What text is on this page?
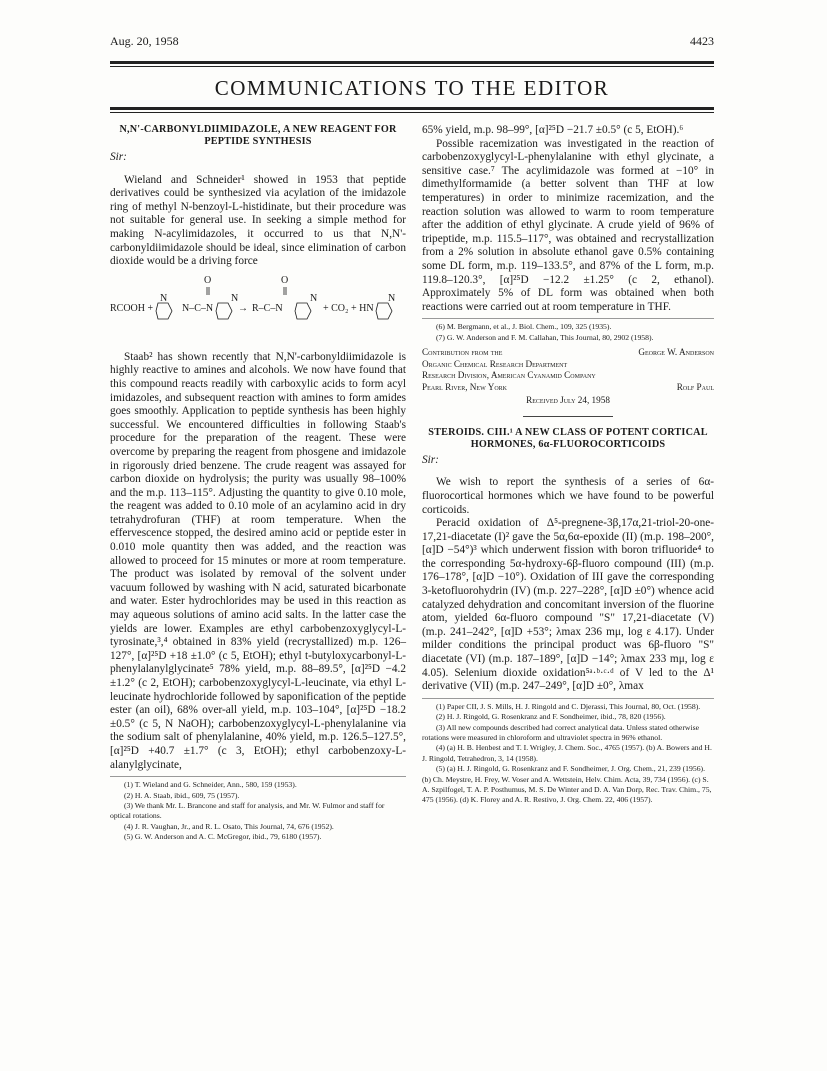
Aug. 20, 1958	4423
COMMUNICATIONS TO THE EDITOR
N,N'-CARBONYLDIIMIDAZOLE, A NEW REAGENT FOR PEPTIDE SYNTHESIS
Sir:

Wieland and Schneider¹ showed in 1953 that peptide derivatives could be synthesized via acylation of the imidazole ring of methyl N-benzoyl-L-histidinate, but their procedure was not suitable for general use. In seeking a simple method for making N-acylimidazoles, it occurred to us that N,N'-carbonyldiimidazole should be ideal, since elimination of carbon dioxide would be a driving force

O	O
N	N	N	N
RCOOH +	N–C–N → R–C–N	+ CO₂ + HN

Staab² has shown recently that N,N'-carbonyldiimidazole is highly reactive to amines and alcohols. We now have found that this compound reacts readily with carboxylic acids to form acyl imidazoles, and subsequent reaction with amines to form amides goes smoothly. Application to peptide synthesis has been highly successful. We encountered difficulties in following Staab's procedure for the preparation of the reagent. These were overcome by preparing the reagent from phosgene and imidazole in rigorously dried benzene. The crude reagent was assayed for carbon dioxide on hydrolysis; the purity was usually 98–100% and the m.p. 113–115°. Adjusting the quantity to give 0.10 mole, the reagent was added to 0.10 mole of an acylamino acid in dry tetrahydrofuran (THF) at room temperature. When the effervescence stopped, the desired amino acid or peptide ester in 0.010 mole quantity then was added, and the reaction was allowed to proceed for 15 minutes or more at room temperature. The product was isolated by removal of the solvent under vacuum followed by washing with N acid, saturated bicarbonate and water. Ester hydrochlorides may be used in this reaction as may aqueous solutions of amino acid salts. In the latter case the yields are lower. Examples are ethyl carbobenzoxyglycyl-L-tyrosinate,³,⁴ obtained in 83% yield (recrystallized) m.p. 126–127°, [α]²⁵D +18 ±1.0° (c 5, EtOH); ethyl t-butyloxycarbonyl-L-phenylalanylglycinate⁵ 78% yield, m.p. 88–89.5°, [α]²⁵D −4.2 ±1.2° (c 2, EtOH); carbobenzoxyglycyl-L-leucinate, via ethyl L-leucinate hydrochloride followed by saponification of the peptide ester (an oil), 68% over-all yield, m.p. 103–104°, [α]²⁵D −18.2 ±0.5° (c 5, N NaOH); carbobenzoxyglycyl-L-phenylalanine via the sodium salt of phenylalanine, 40% yield, m.p. 126.5–127.5°, [α]²⁵D +40.7 ±1.7° (c 3, EtOH); ethyl carbobenzoxy-L-alanylglycinate,

(1) T. Wieland and G. Schneider, Ann., 580, 159 (1953).

(2) H. A. Staab, ibid., 609, 75 (1957).

(3) We thank Mr. L. Brancone and staff for analysis, and Mr. W. Fulmor and staff for optical rotations.

(4) J. R. Vaughan, Jr., and R. L. Osato, This Journal, 74, 676 (1952).

(5) G. W. Anderson and A. C. McGregor, ibid., 79, 6180 (1957).

65% yield, m.p. 98–99°, [α]²⁵D −21.7 ±0.5° (c 5, EtOH).⁶

Possible racemization was investigated in the reaction of carbobenzoxyglycyl-L-phenylalanine with ethyl glycinate, a sensitive case.⁷ The acylimidazole was formed at −10° in dimethylformamide (a better solvent than THF at low temperatures) in order to minimize racemization, and the reaction solution was allowed to warm to room temperature after the addition of ethyl glycinate. A crude yield of 96% of tripeptide, m.p. 115.5–117°, was obtained and recrystallization from a 2% solution in absolute ethanol gave 0.5% containing some DL form, m.p. 119–133.5°, and 87% of the L form, m.p. 119.8–120.3°, [α]²⁵D −12.2 ±1.25° (c 2, ethanol). Approximately 5% of DL form was obtained when both reactions were carried out at room temperature in THF.

(6) M. Bergmann, et al., J. Biol. Chem., 109, 325 (1935).

(7) G. W. Anderson and F. M. Callahan, This Journal, 80, 2902 (1958).

Contribution from the	George W. Anderson
Organic Chemical Research Department
Research Division, American Cyanamid Company
Pearl River, New York	Rolf Paul
Received July 24, 1958
STEROIDS. CIII.¹ A NEW CLASS OF POTENT CORTICAL HORMONES, 6α-FLUOROCORTICOIDS
Sir:

We wish to report the synthesis of a series of 6α-fluorocortical hormones which we have found to be powerful corticoids.

Peracid oxidation of Δ⁵-pregnene-3β,17α,21-triol-20-one-17,21-diacetate (I)² gave the 5α,6α-epoxide (II) (m.p. 198–200°, [α]D −54°)³ which underwent fission with boron trifluoride⁴ to the corresponding 5α-hydroxy-6β-fluoro compound (III) (m.p. 176–178°, [α]D −10°). Oxidation of III gave the corresponding 3-ketofluorohydrin (IV) (m.p. 227–228°, [α]D ±0°) whence acid catalyzed dehydration and concomitant inversion of the fluorine atom, yielded 6α-fluoro compound "S" 17,21-diacetate (V) (m.p. 241–242°, [α]D +53°; λmax 236 mμ, log ε 4.17). Under milder conditions the principal product was 6β-fluoro "S" diacetate (VI) (m.p. 187–189°, [α]D −14°; λmax 233 mμ, log ε 4.05). Selenium dioxide oxidation⁵ᵃ·ᵇ·ᶜ·ᵈ of V led to the Δ¹ derivative (VII) (m.p. 247–249°, [α]D ±0°, λmax

(1) Paper CII, J. S. Mills, H. J. Ringold and C. Djerassi, This Journal, 80, Oct. (1958).

(2) H. J. Ringold, G. Rosenkranz and F. Sondheimer, ibid., 78, 820 (1956).

(3) All new compounds described had correct analytical data. Unless stated otherwise rotations were measured in chloroform and ultraviolet spectra in 96% ethanol.

(4) (a) H. B. Henbest and T. I. Wrigley, J. Chem. Soc., 4765 (1957). (b) A. Bowers and H. J. Ringold, Tetrahedron, 3, 14 (1958).

(5) (a) H. J. Ringold, G. Rosenkranz and F. Sondheimer, J. Org. Chem., 21, 239 (1956). (b) Ch. Meystre, H. Frey, W. Voser and A. Wettstein, Helv. Chim. Acta, 39, 734 (1956). (c) S. A. Szpilfogel, T. A. P. Posthumus, M. S. De Winter and D. A. Van Dorp, Rec. Trav. Chim., 75, 475 (1956). (d) K. Florey and A. R. Restivo, J. Org. Chem. 22, 406 (1957).
